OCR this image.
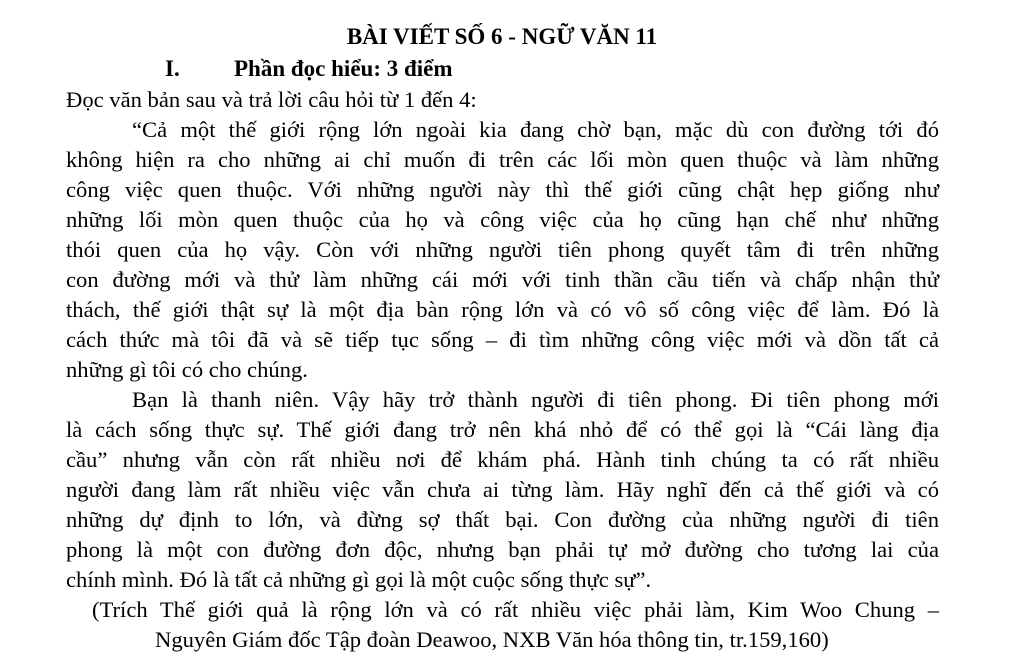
BÀI VIẾT SỐ 6 - NGỮ VĂN 11
I. Phần đọc hiểu: 3 điểm
Đọc văn bản sau và trả lời câu hỏi từ 1 đến 4:
“Cả một thế giới rộng lớn ngoài kia đang chờ bạn, mặc dù con đường tới đó
không hiện ra cho những ai chỉ muốn đi trên các lối mòn quen thuộc và làm những
công việc quen thuộc. Với những người này thì thế giới cũng chật hẹp giống như
những lối mòn quen thuộc của họ và công việc của họ cũng hạn chế như những
thói quen của họ vậy. Còn với những người tiên phong quyết tâm đi trên những
con đường mới và thử làm những cái mới với tinh thần cầu tiến và chấp nhận thử
thách, thế giới thật sự là một địa bàn rộng lớn và có vô số công việc để làm. Đó là
cách thức mà tôi đã và sẽ tiếp tục sống – đi tìm những công việc mới và dồn tất cả
những gì tôi có cho chúng.
Bạn là thanh niên. Vậy hãy trở thành người đi tiên phong. Đi tiên phong mới
là cách sống thực sự. Thế giới đang trở nên khá nhỏ để có thể gọi là “Cái làng địa
cầu” nhưng vẫn còn rất nhiều nơi để khám phá. Hành tinh chúng ta có rất nhiều
người đang làm rất nhiều việc vẫn chưa ai từng làm. Hãy nghĩ đến cả thế giới và có
những dự định to lớn, và đừng sợ thất bại. Con đường của những người đi tiên
phong là một con đường đơn độc, nhưng bạn phải tự mở đường cho tương lai của
chính mình. Đó là tất cả những gì gọi là một cuộc sống thực sự”.
(Trích Thế giới quả là rộng lớn và có rất nhiều việc phải làm, Kim Woo Chung –
Nguyên Giám đốc Tập đoàn Deawoo, NXB Văn hóa thông tin, tr.159,160)
